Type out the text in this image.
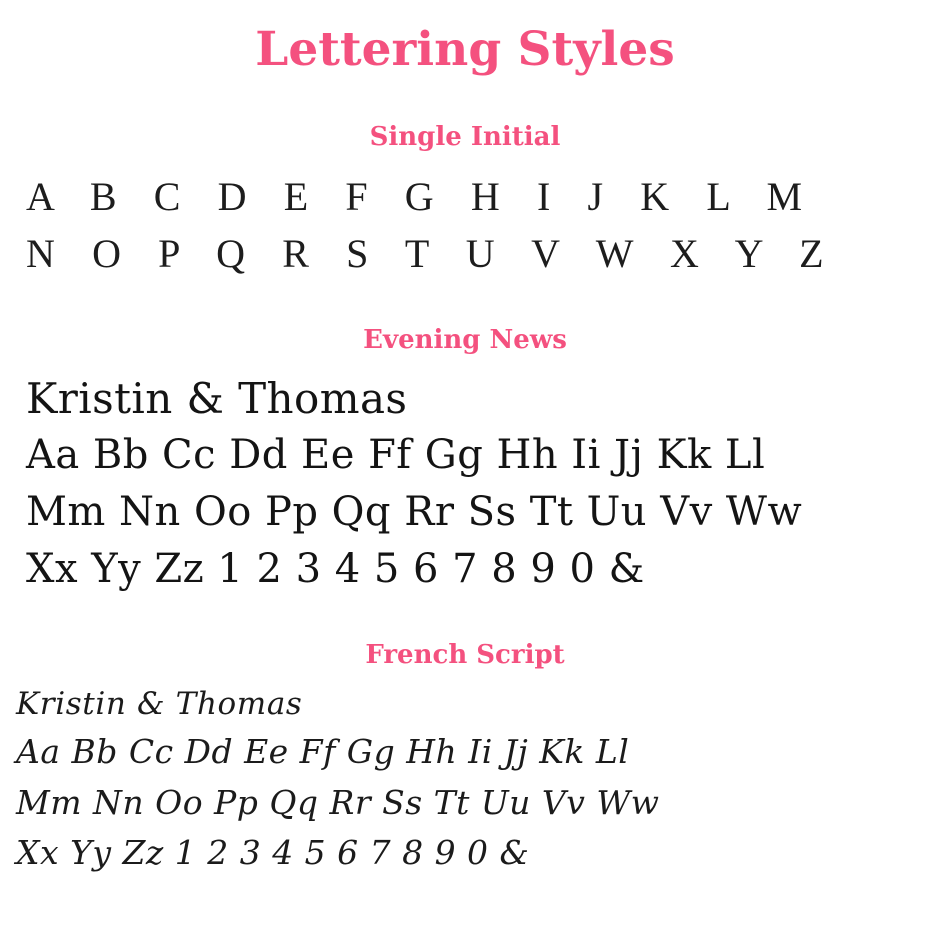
Lettering Styles
Single Initial
A B C D E F G H I J K L M
N O P Q R S T U V W X Y Z
Evening News
Kristin & Thomas
Aa Bb Cc Dd Ee Ff Gg Hh Ii Jj Kk Ll
Mm Nn Oo Pp Qq Rr Ss Tt Uu Vv Ww
Xx Yy Zz 1 2 3 4 5 6 7 8 9 0 &
French Script
Kristin & Thomas
Aa Bb Cc Dd Ee Ff Gg Hh Ii Jj Kk Ll
Mm Nn Oo Pp Qq Rr Ss Tt Uu Vv Ww
Xx Yy Zz 1 2 3 4 5 6 7 8 9 0 &
